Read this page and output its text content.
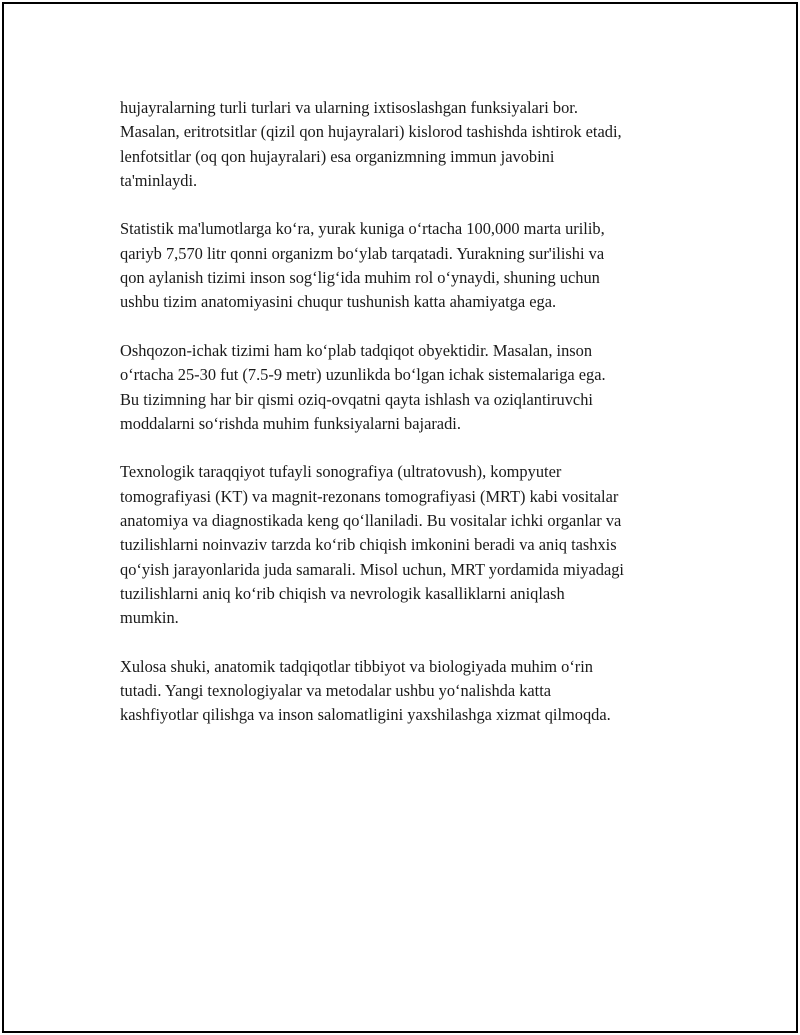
hujayralarning turli turlari va ularning ixtisoslashgan funksiyalari bor.
Masalan, eritrotsitlar (qizil qon hujayralari) kislorod tashishda ishtirok etadi,
lenfotsitlar (oq qon hujayralari) esa organizmning immun javobini
ta'minlaydi.

Statistik ma'lumotlarga ko‘ra, yurak kuniga o‘rtacha 100,000 marta urilib,
qariyb 7,570 litr qonni organizm bo‘ylab tarqatadi. Yurakning sur'ilishi va
qon aylanish tizimi inson sog‘lig‘ida muhim rol o‘ynaydi, shuning uchun
ushbu tizim anatomiyasini chuqur tushunish katta ahamiyatga ega.

Oshqozon-ichak tizimi ham ko‘plab tadqiqot obyektidir. Masalan, inson
o‘rtacha 25-30 fut (7.5-9 metr) uzunlikda bo‘lgan ichak sistemalariga ega.
Bu tizimning har bir qismi oziq-ovqatni qayta ishlash va oziqlantiruvchi
moddalarni so‘rishda muhim funksiyalarni bajaradi.

Texnologik taraqqiyot tufayli sonografiya (ultratovush), kompyuter
tomografiyasi (KT) va magnit-rezonans tomografiyasi (MRT) kabi vositalar
anatomiya va diagnostikada keng qo‘llaniladi. Bu vositalar ichki organlar va
tuzilishlarni noinvaziv tarzda ko‘rib chiqish imkonini beradi va aniq tashxis
qo‘yish jarayonlarida juda samarali. Misol uchun, MRT yordamida miyadagi
tuzilishlarni aniq ko‘rib chiqish va nevrologik kasalliklarni aniqlash
mumkin.

Xulosa shuki, anatomik tadqiqotlar tibbiyot va biologiyada muhim o‘rin
tutadi. Yangi texnologiyalar va metodalar ushbu yo‘nalishda katta
kashfiyotlar qilishga va inson salomatligini yaxshilashga xizmat qilmoqda.
